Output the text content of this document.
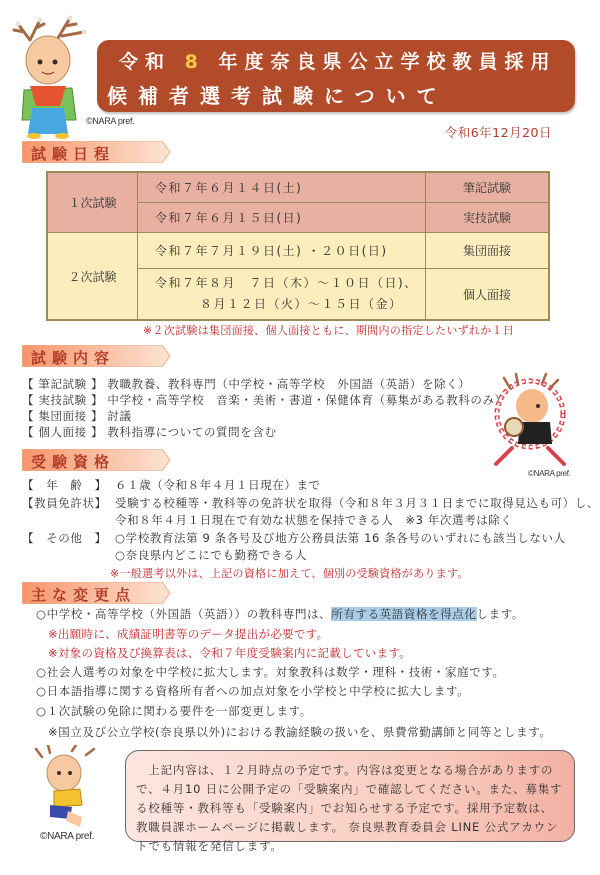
©NARA pref.
令和 8 年度奈良県公立学校教員採用
候補者選考試験について
令和6年12月20日
試験日程
１次試験
２次試験
令和７年６月１４日(土)
令和７年６月１５日(日)
令和７年７月１９日(土) ・２０日(日)
令和７年８月　７日（木）～１０日（日)、
８月１２日（火）～１５日（金）
筆記試験
実技試験
集団面接
個人面接
※２次試験は集団面接、個人面接ともに、期間内の指定したいずれか１日
試験内容
【 筆記試験 】 教職教養、教科専門（中学校・高等学校　外国語（英語）を除く）
【 実技試験 】 中学校・高等学校　音楽・美術・書道・保健体育（募集がある教科のみ）
【 集団面接 】 討議
【 個人面接 】 教科指導についての質問を含む
©NARA pref.
受験資格
【　年　齢　】 ６１歳（令和８年４月１日現在）まで
【教員免許状】 受験する校種等・教科等の免許状を取得（令和８年３月３１日までに取得見込も可）し、
令和８年４月１日現在で有効な状態を保持できる人　※3 年次選考は除く
【　その他　】 ○学校教育法第 9 条各号及び地方公務員法第 16 条各号のいずれにも該当しない人
○奈良県内どこにでも勤務できる人
※一般選考以外は、上記の資格に加えて、個別の受験資格があります。
主な変更点
○中学校・高等学校（外国語（英語））の教科専門は、所有する英語資格を得点化します。
※出願時に、成績証明書等のデータ提出が必要です。
※対象の資格及び換算表は、令和７年度受験案内に記載しています。
○社会人選考の対象を中学校に拡大します。対象教科は数学・理科・技術・家庭です。
○日本語指導に関する資格所有者への加点対象を小学校と中学校に拡大します。
○１次試験の免除に関わる要件を一部変更します。
※国立及び公立学校(奈良県以外)における教諭経験の扱いを、県費常勤講師と同等とします。
©NARA pref.
　上記内容は、１２月時点の予定です。内容は変更となる場合がありますので、４月10 日に公開予定の「受験案内」で確認してください。また、募集する校種等・教科等も「受験案内」でお知らせする予定です。採用予定数は、教職員課ホームページに掲載します。 奈良県教育委員会 LINE 公式アカウントでも情報を発信します。
